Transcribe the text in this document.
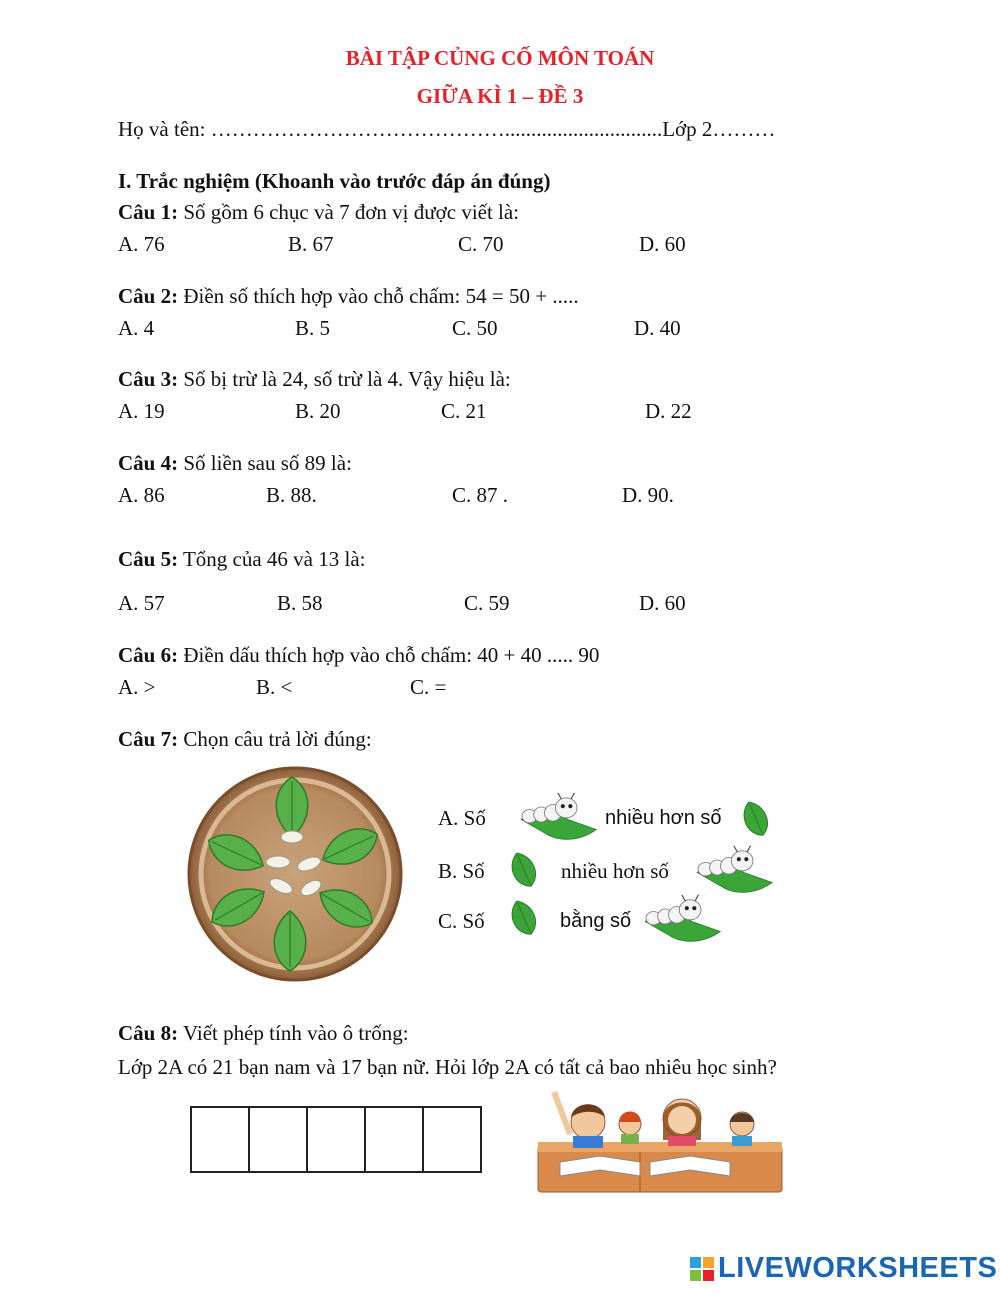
BÀI TẬP CỦNG CỐ MÔN TOÁN
GIỮA KÌ 1 – ĐỀ 3
Họ và tên: ……………………………………..............................Lớp 2………
I. Trắc nghiệm (Khoanh vào trước đáp án đúng)
Câu 1: Số gồm 6 chục và 7 đơn vị được viết là:
A. 76	B. 67	C. 70	D. 60
Câu 2: Điền số thích hợp vào chỗ chấm: 54 = 50 + .....
A. 4	B. 5	C. 50	D. 40
Câu 3: Số bị trừ là 24, số trừ là 4. Vậy hiệu là:
A. 19	B. 20	C. 21	D. 22
Câu 4: Số liền sau số 89 là:
A. 86	B. 88.	C. 87 .	D. 90.
Câu 5: Tổng của 46 và 13 là:
A. 57	B. 58	C. 59	D. 60
Câu 6: Điền dấu thích hợp vào chỗ chấm: 40 + 40 ..... 90
A. >	B. <	C. =
Câu 7: Chọn câu trả lời đúng:
A. Số	nhiều hơn số
B. Số	nhiều hơn số
C. Số	bằng số
Câu 8: Viết phép tính vào ô trống:
Lớp 2A có 21 bạn nam và 17 bạn nữ. Hỏi lớp 2A có tất cả bao nhiêu học sinh?
LIVEWORKSHEETS
